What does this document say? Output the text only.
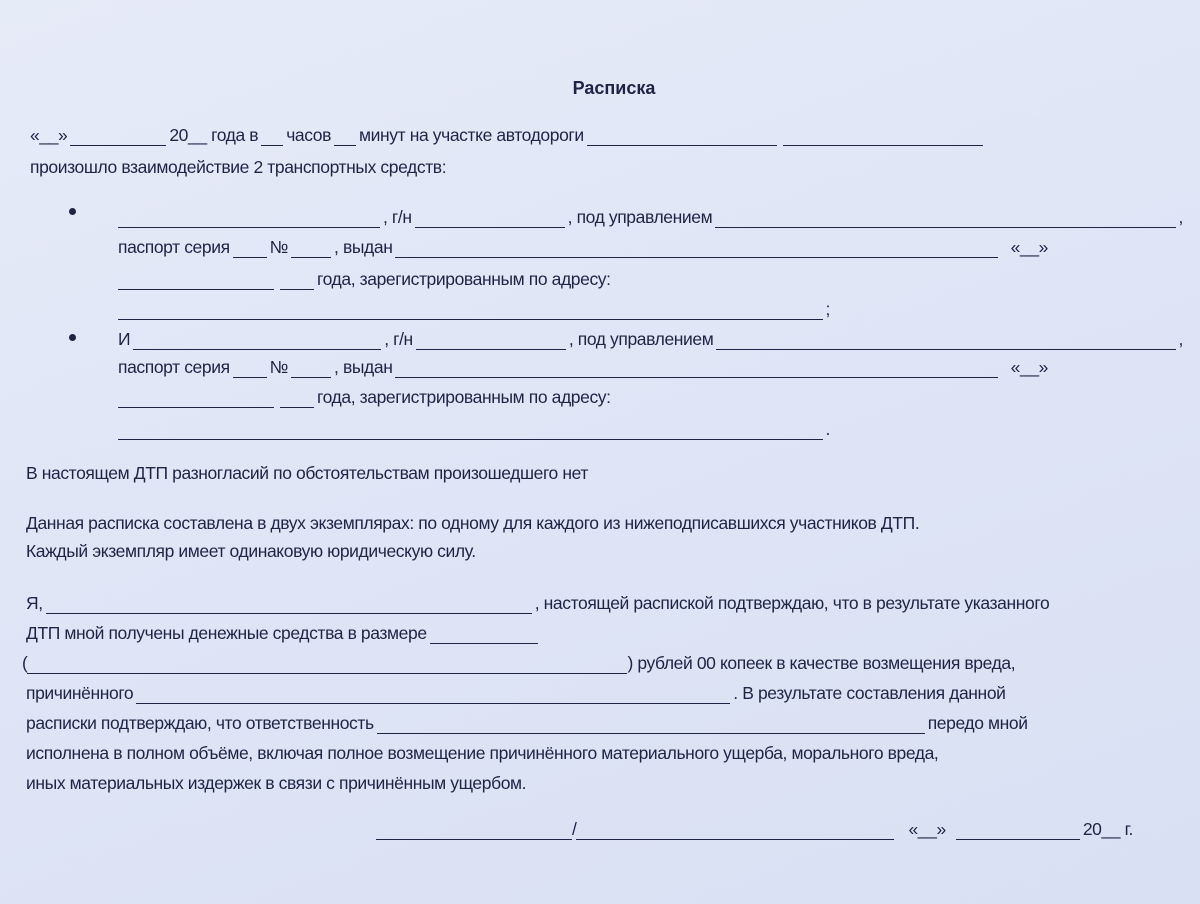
Расписка
«__»	20__ года в часов минут на участке автодороги
произошло взаимодействие 2 транспортных средств:
, г/н	, под управлением	,
паспорт серия №	, выдан	«__»
года, зарегистрированным по адресу:
;
И	, г/н	, под управлением	,
паспорт серия №	, выдан	«__»
года, зарегистрированным по адресу:
.
В настоящем ДТП разногласий по обстоятельствам произошедшего нет
Данная расписка составлена в двух экземплярах: по одному для каждого из нижеподписавшихся участников ДТП.
Каждый экземпляр имеет одинаковую юридическую силу.
Я,	, настоящей распиской подтверждаю, что в результате указанного
ДТП мной получены денежные средства в размере
(	) рублей 00 копеек в качестве возмещения вреда,
причинённого	. В результате составления данной
расписки подтверждаю, что ответственность	передо мной
исполнена в полном объёме, включая полное возмещение причинённого материального ущерба, морального вреда,
иных материальных издержек в связи с причинённым ущербом.
/	«__»	20__ г.
